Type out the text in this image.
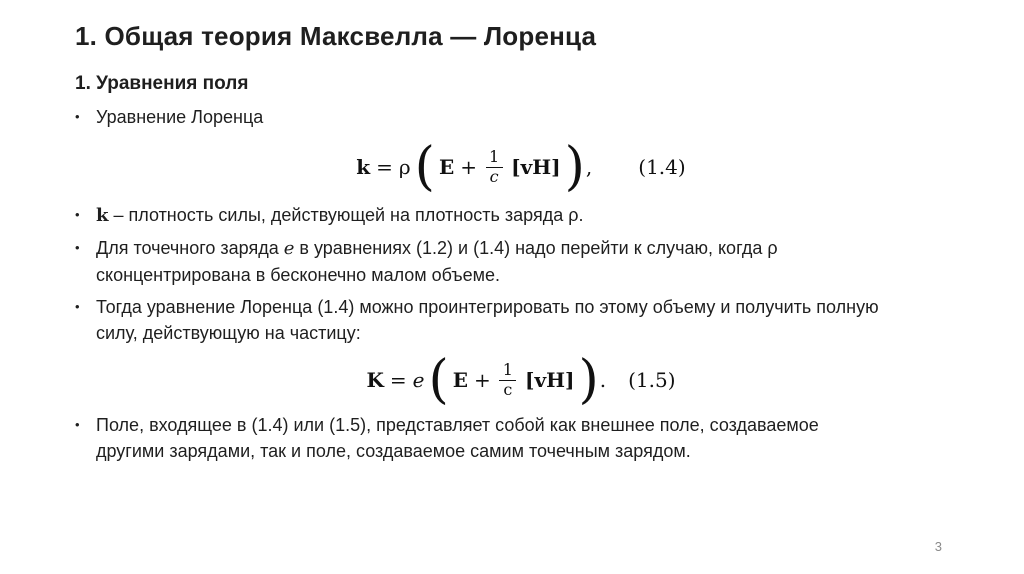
1. Общая теория Максвелла — Лоренца
1. Уравнения поля
• Уравнение Лоренца
k = ρ ( $E + \frac{1}{c} [vH]$ ) , (1.4)
• k – плотность силы, действующей на плотность заряда ρ.
• Для точечного заряда e в уравнениях (1.2) и (1.4) надо перейти к случаю, когда ρ сконцентрирована в бесконечно малом объеме.
• Тогда уравнение Лоренца (1.4) можно проинтегрировать по этому объему и получить полную силу, действующую на частицу:
K = e ( $E + \frac{1}{c} [vH]$ ) . (1.5)
• Поле, входящее в (1.4) или (1.5), представляет собой как внешнее поле, создаваемое другими зарядами, так и поле, создаваемое самим точечным зарядом.
3
